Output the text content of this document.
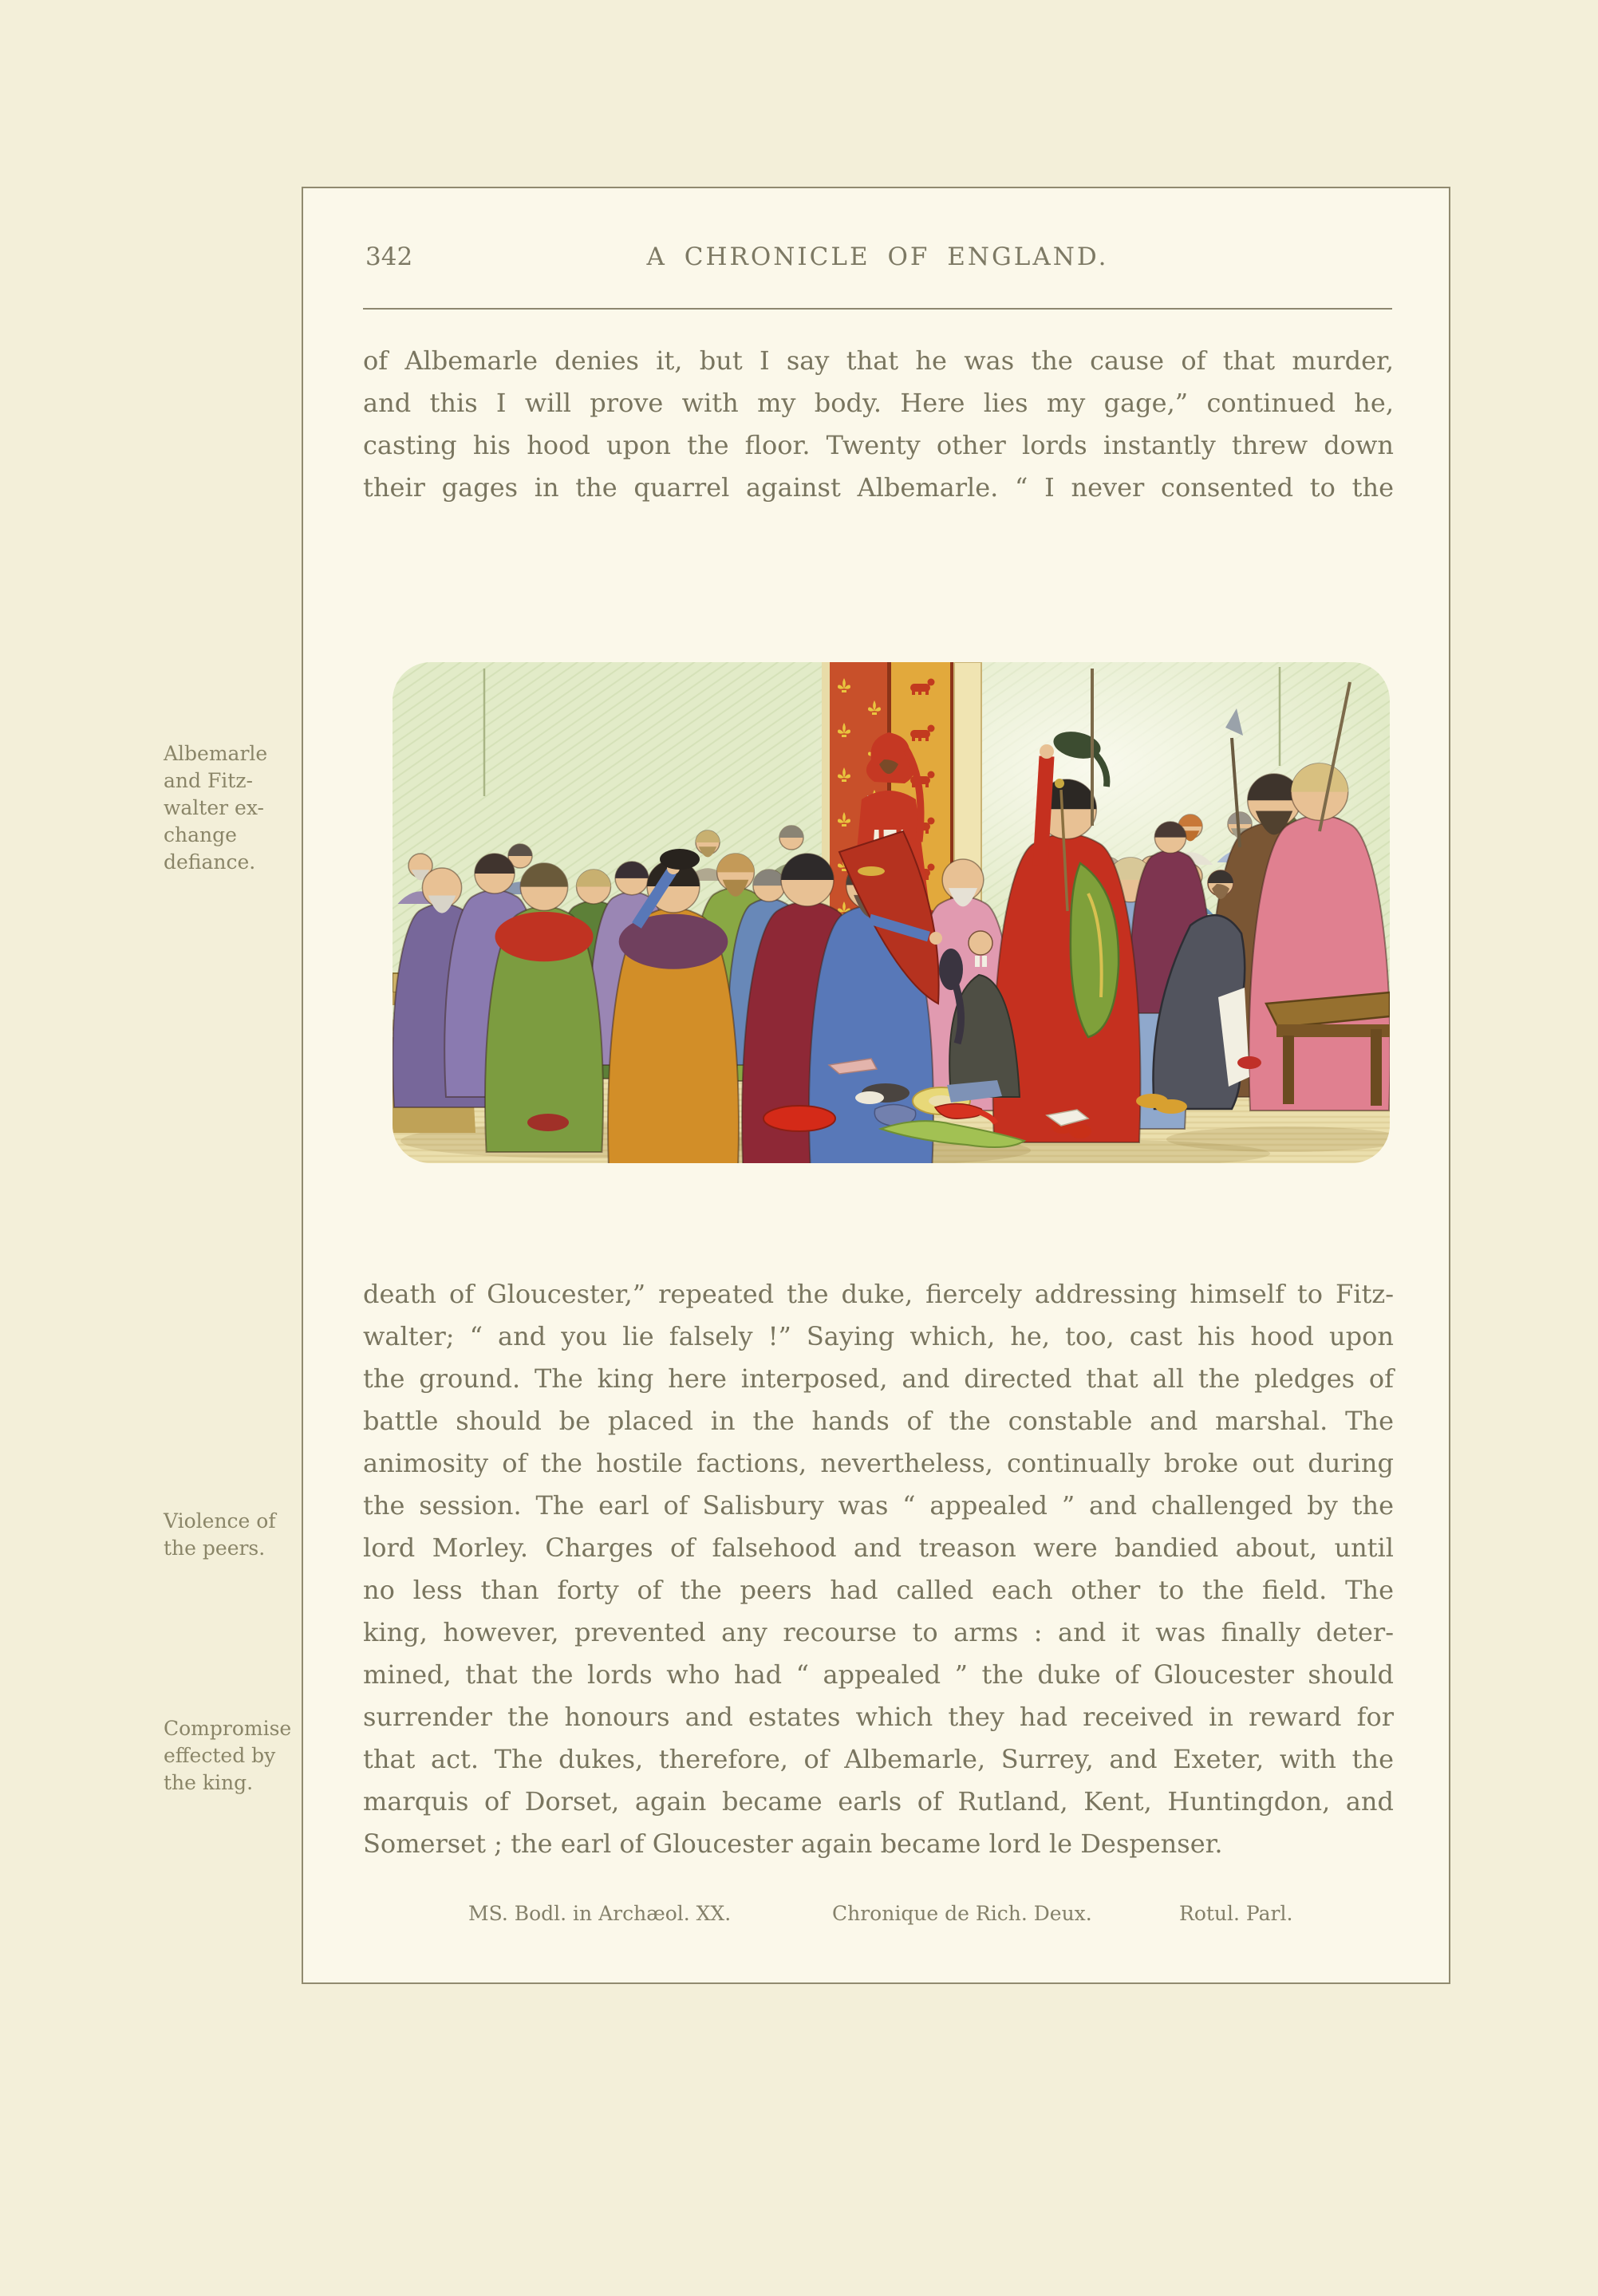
342	A CHRONICLE OF ENGLAND.
of Albemarle denies it, but I say that he was the cause of that murder,
and this I will prove with my body. Here lies my gage,” continued he,
casting his hood upon the floor. Twenty other lords instantly threw down
their gages in the quarrel against Albemarle. “ I never consented to the
death of Gloucester,” repeated the duke, fiercely addressing himself to Fitz-
walter; “ and you lie falsely !” Saying which, he, too, cast his hood upon
the ground. The king here interposed, and directed that all the pledges of
battle should be placed in the hands of the constable and marshal. The
animosity of the hostile factions, nevertheless, continually broke out during
the session. The earl of Salisbury was “ appealed ” and challenged by the
lord Morley. Charges of falsehood and treason were bandied about, until
no less than forty of the peers had called each other to the field. The
king, however, prevented any recourse to arms : and it was finally deter-
mined, that the lords who had “ appealed ” the duke of Gloucester should
surrender the honours and estates which they had received in reward for
that act. The dukes, therefore, of Albemarle, Surrey, and Exeter, with the
marquis of Dorset, again became earls of Rutland, Kent, Huntingdon, and
Somerset ; the earl of Gloucester again became lord le Despenser.
Albemarle
and Fitz-
walter ex-
change
defiance.
Violence of
the peers.
Compromise
effected by
the king.
MS. Bodl. in Archæol. XX.	Chronique de Rich. Deux.	Rotul. Parl.
